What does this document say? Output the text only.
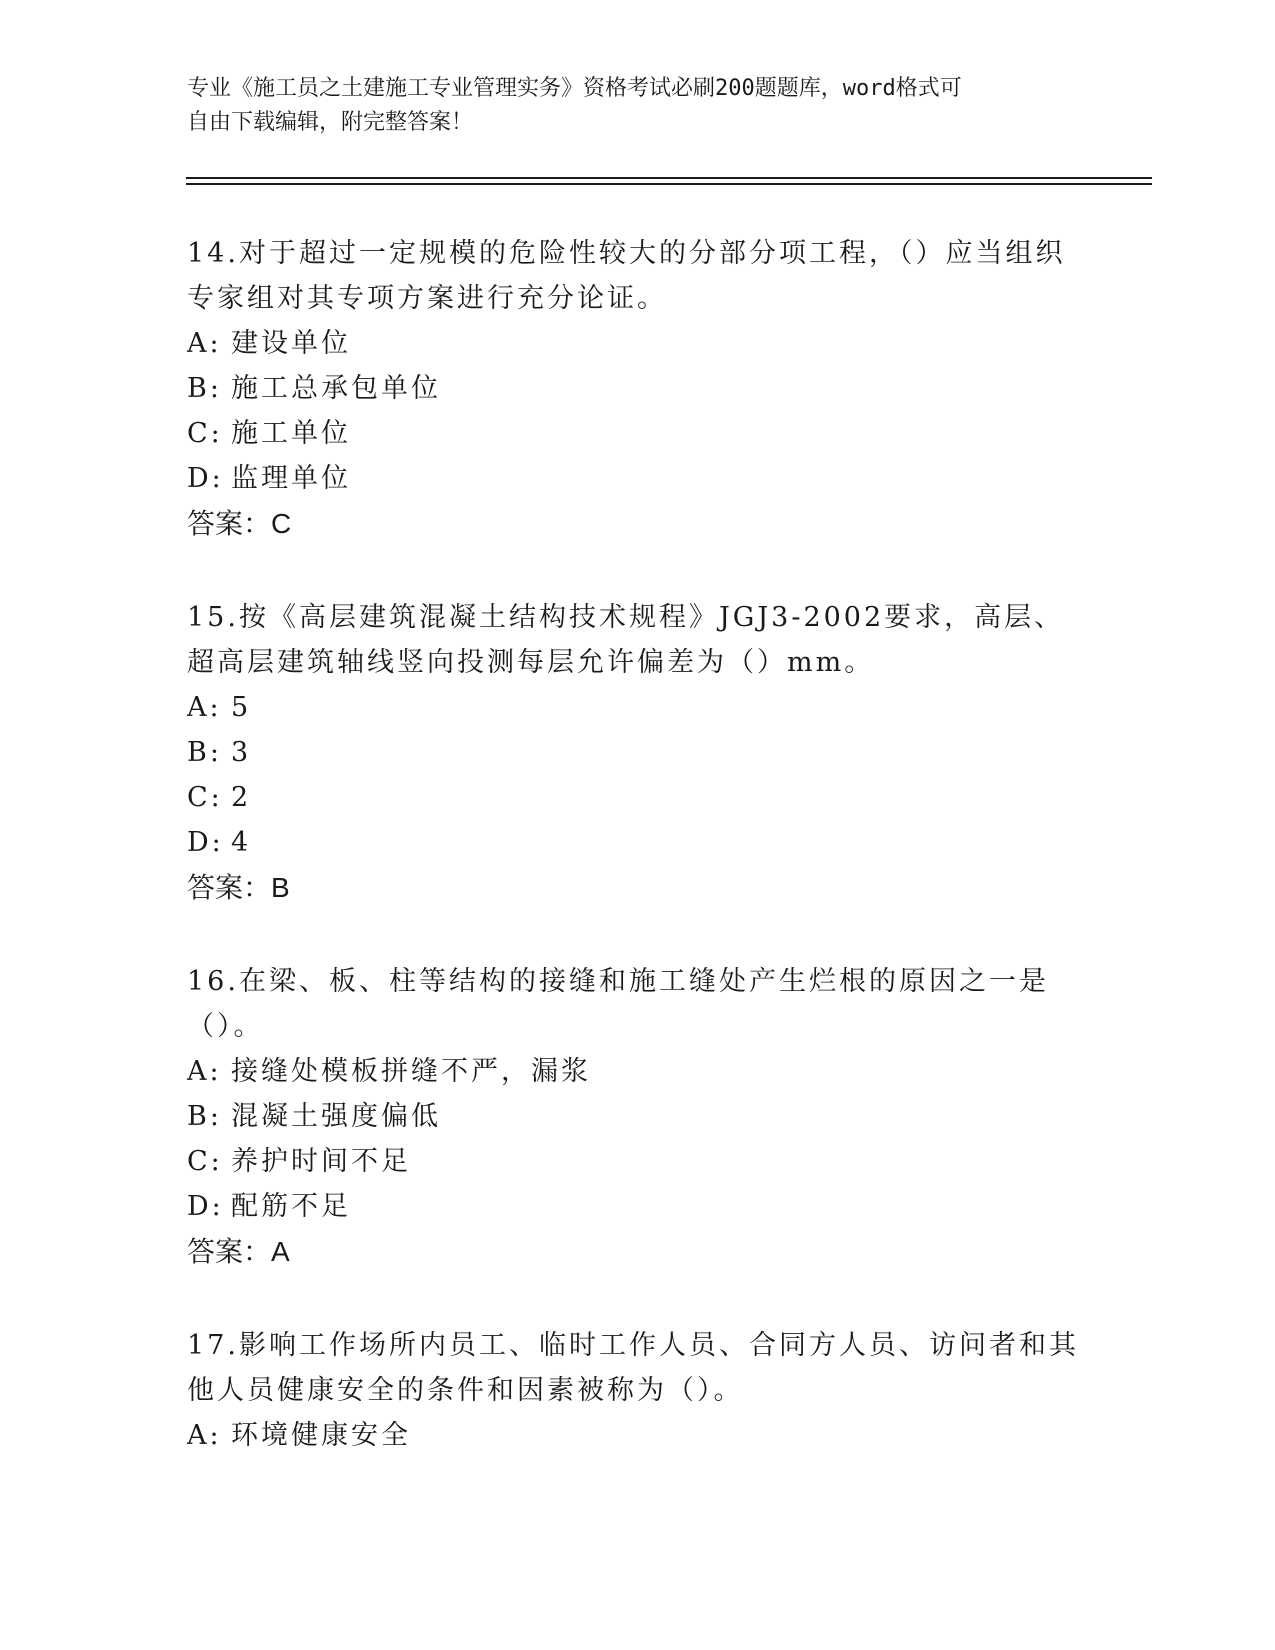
专业《施工员之土建施工专业管理实务》资格考试必刷200题题库，word格式可
自由下载编辑，附完整答案！
14.对于超过一定规模的危险性较大的分部分项工程，（）应当组织专家组对其专项方案进行充分论证。
A: 建设单位
B: 施工总承包单位
C: 施工单位
D: 监理单位
答案：C
15.按《高层建筑混凝土结构技术规程》JGJ3-2002要求，高层、超高层建筑轴线竖向投测每层允许偏差为（）mm。
A: 5
B: 3
C: 2
D: 4
答案：B
16.在梁、板、柱等结构的接缝和施工缝处产生烂根的原因之一是（）。
A: 接缝处模板拼缝不严，漏浆
B: 混凝土强度偏低
C: 养护时间不足
D: 配筋不足
答案：A
17.影响工作场所内员工、临时工作人员、合同方人员、访问者和其他人员健康安全的条件和因素被称为（）。
A: 环境健康安全
